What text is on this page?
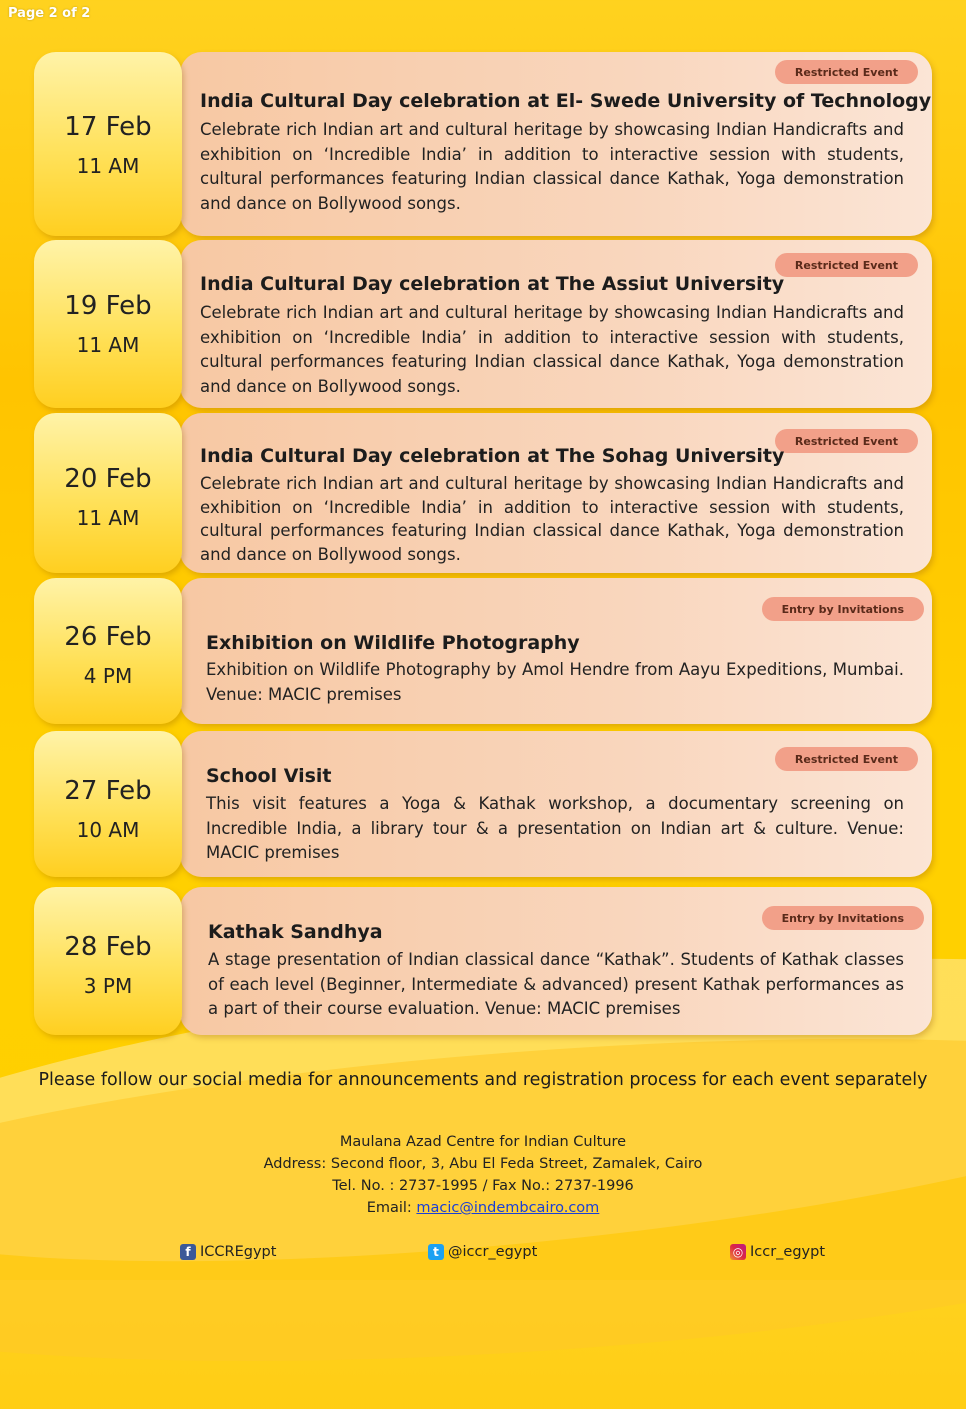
Page 2 of 2
Restricted Event
India Cultural Day celebration at El- Swede University of Technology
Celebrate rich Indian art and cultural heritage by showcasing Indian Handicrafts and exhibition on ‘Incredible India’ in addition to interactive session with students, cultural performances featuring Indian classical dance Kathak, Yoga demonstration and dance on Bollywood songs.
17 Feb
11 AM
Restricted Event
India Cultural Day celebration at The Assiut University
Celebrate rich Indian art and cultural heritage by showcasing Indian Handicrafts and exhibition on ‘Incredible India’ in addition to interactive session with students, cultural performances featuring Indian classical dance Kathak, Yoga demonstration and dance on Bollywood songs.
19 Feb
11 AM
Restricted Event
India Cultural Day celebration at The Sohag University
Celebrate rich Indian art and cultural heritage by showcasing Indian Handicrafts and exhibition on ‘Incredible India’ in addition to interactive session with students, cultural performances featuring Indian classical dance Kathak, Yoga demonstration and dance on Bollywood songs.
20 Feb
11 AM
Entry by Invitations
Exhibition on Wildlife Photography
Exhibition on Wildlife Photography by Amol Hendre from Aayu Expeditions, Mumbai. Venue: MACIC premises
26 Feb
4 PM
Restricted Event
School Visit
This visit features a Yoga & Kathak workshop, a documentary screening on Incredible India, a library tour & a presentation on Indian art & culture. Venue: MACIC premises
27 Feb
10 AM
Entry by Invitations
Kathak Sandhya
A stage presentation of Indian classical dance “Kathak”. Students of Kathak classes of each level (Beginner, Intermediate & advanced) present Kathak performances as a part of their course evaluation. Venue: MACIC premises
28 Feb
3 PM
Please follow our social media for announcements and registration process for each event separately
Maulana Azad Centre for Indian Culture
Address: Second floor, 3, Abu El Feda Street, Zamalek, Cairo
Tel. No. : 2737-1995 / Fax No.: 2737-1996
Email: macic@indembcairo.com
f ICCREgypt	t @iccr_egypt	◎ Iccr_egypt
